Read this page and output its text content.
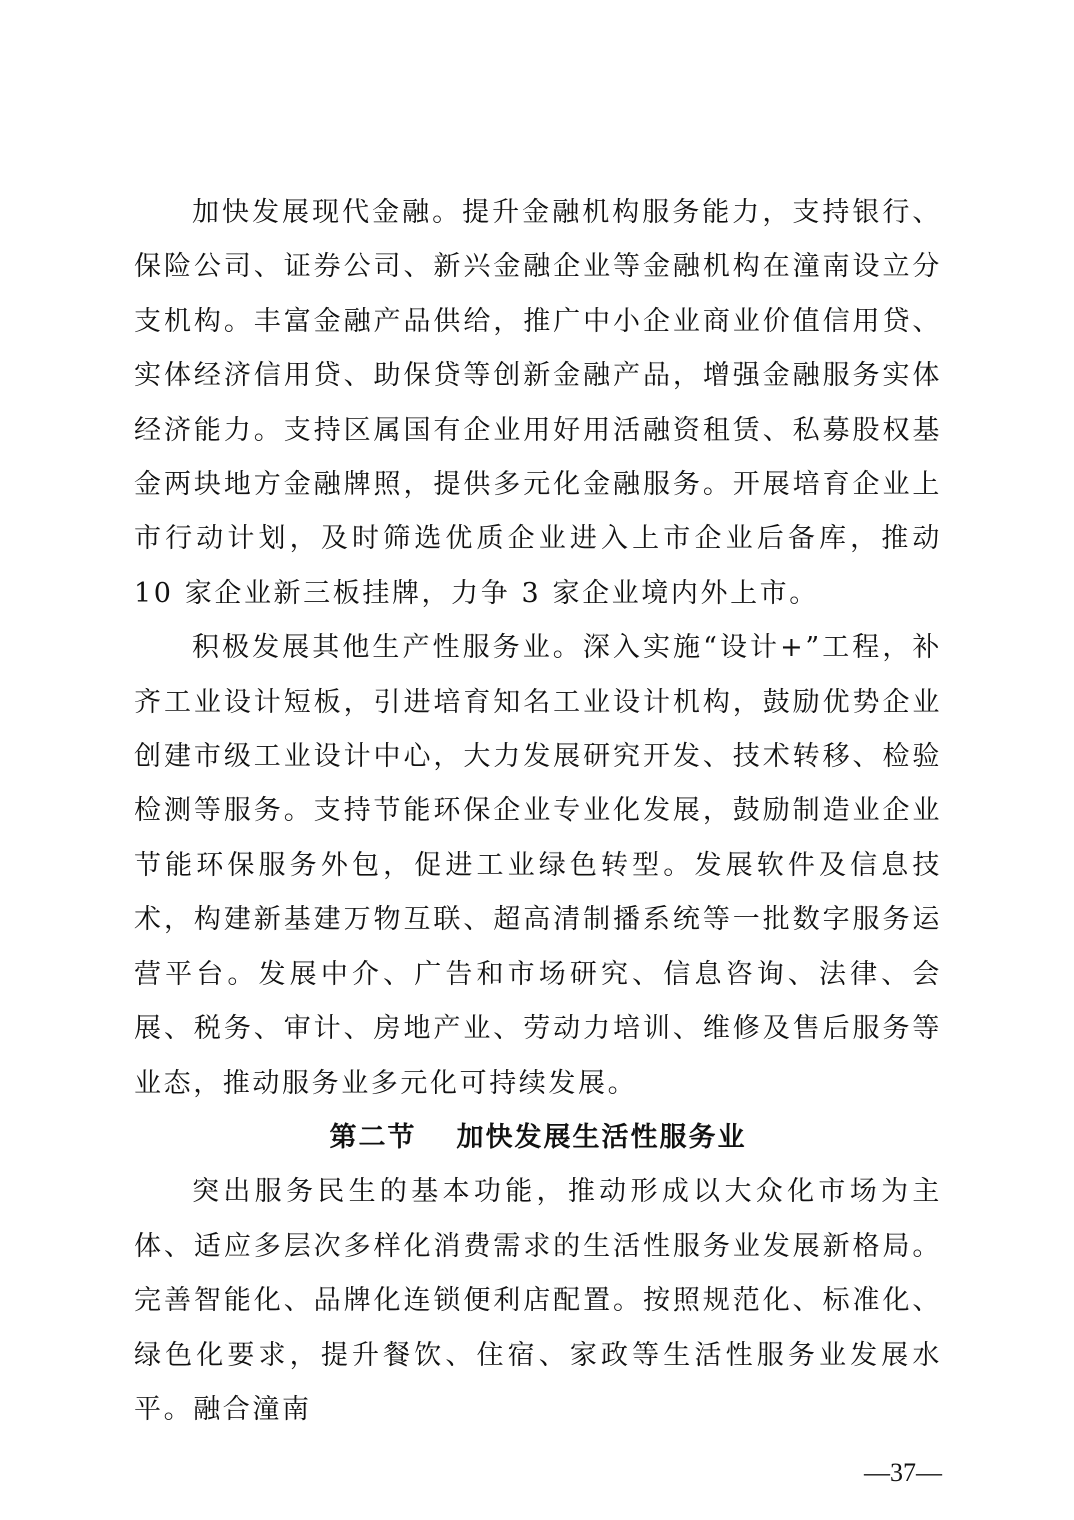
加快发展现代金融。提升金融机构服务能力，支持银行、保险公司、证券公司、新兴金融企业等金融机构在潼南设立分支机构。丰富金融产品供给，推广中小企业商业价值信用贷、实体经济信用贷、助保贷等创新金融产品，增强金融服务实体经济能力。支持区属国有企业用好用活融资租赁、私募股权基金两块地方金融牌照，提供多元化金融服务。开展培育企业上市行动计划，及时筛选优质企业进入上市企业后备库，推动 10 家企业新三板挂牌，力争 3 家企业境内外上市。

积极发展其他生产性服务业。深入实施“设计+”工程，补齐工业设计短板，引进培育知名工业设计机构，鼓励优势企业创建市级工业设计中心，大力发展研究开发、技术转移、检验检测等服务。支持节能环保企业专业化发展，鼓励制造业企业节能环保服务外包，促进工业绿色转型。发展软件及信息技术，构建新基建万物互联、超高清制播系统等一批数字服务运营平台。发展中介、广告和市场研究、信息咨询、法律、会展、税务、审计、房地产业、劳动力培训、维修及售后服务等业态，推动服务业多元化可持续发展。

第二节 加快发展生活性服务业

突出服务民生的基本功能，推动形成以大众化市场为主体、适应多层次多样化消费需求的生活性服务业发展新格局。完善智能化、品牌化连锁便利店配置。按照规范化、标准化、绿色化要求，提升餐饮、住宿、家政等生活性服务业发展水平。融合潼南

—37—
